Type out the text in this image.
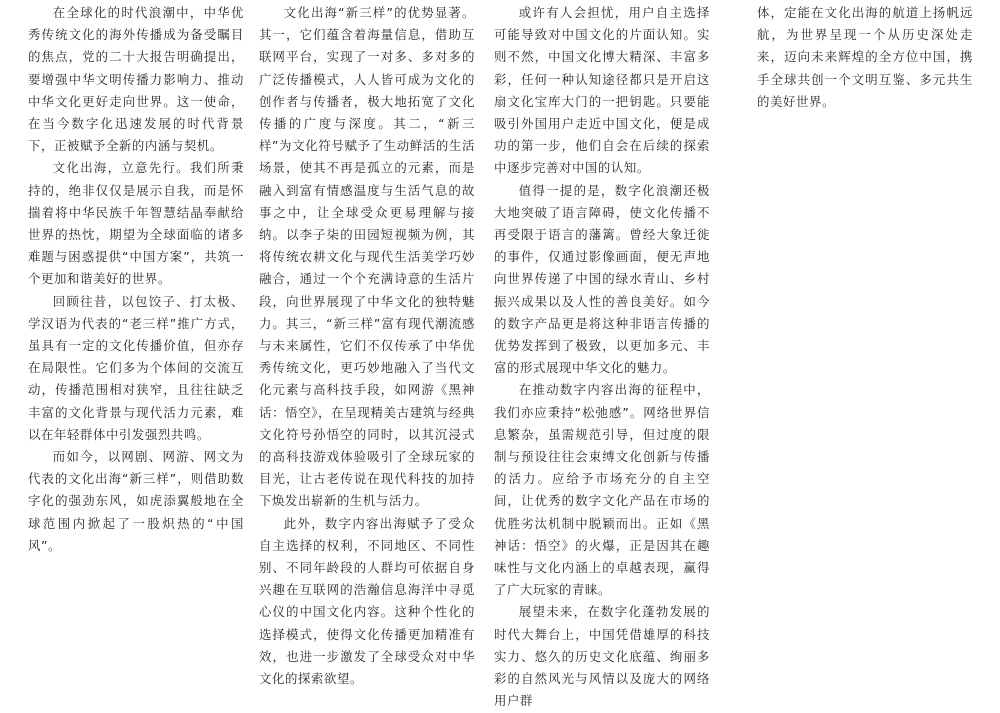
在全球化的时代浪潮中，中华优秀传统文化的海外传播成为备受瞩目的焦点，党的二十大报告明确提出，要增强中华文明传播力影响力、推动中华文化更好走向世界。这一使命，在当今数字化迅速发展的时代背景下，正被赋予全新的内涵与契机。

文化出海，立意先行。我们所秉持的，绝非仅仅是展示自我，而是怀揣着将中华民族千年智慧结晶奉献给世界的热忱，期望为全球面临的诸多难题与困惑提供“中国方案”，共筑一个更加和谐美好的世界。

回顾往昔，以包饺子、打太极、学汉语为代表的“老三样”推广方式，虽具有一定的文化传播价值，但亦存在局限性。它们多为个体间的交流互动，传播范围相对狭窄，且往往缺乏丰富的文化背景与现代活力元素，难以在年轻群体中引发强烈共鸣。

而如今，以网剧、网游、网文为代表的文化出海“新三样”，则借助数字化的强劲东风，如虎添翼般地在全球范围内掀起了一股炽热的“中国风”。

文化出海“新三样”的优势显著。其一，它们蕴含着海量信息，借助互联网平台，实现了一对多、多对多的广泛传播模式，人人皆可成为文化的创作者与传播者，极大地拓宽了文化传播的广度与深度。其二，“新三样”为文化符号赋予了生动鲜活的生活场景，使其不再是孤立的元素，而是融入到富有情感温度与生活气息的故事之中，让全球受众更易理解与接纳。以李子柒的田园短视频为例，其将传统农耕文化与现代生活美学巧妙融合，通过一个个充满诗意的生活片段，向世界展现了中华文化的独特魅力。其三，“新三样”富有现代潮流感与未来属性，它们不仅传承了中华优秀传统文化，更巧妙地融入了当代文化元素与高科技手段，如网游《黑神话：悟空》，在呈现精美古建筑与经典文化符号孙悟空的同时，以其沉浸式的高科技游戏体验吸引了全球玩家的目光，让古老传说在现代科技的加持下焕发出崭新的生机与活力。

此外，数字内容出海赋予了受众自主选择的权利，不同地区、不同性别、不同年龄段的人群均可依据自身兴趣在互联网的浩瀚信息海洋中寻觅心仪的中国文化内容。这种个性化的选择模式，使得文化传播更加精准有效，也进一步激发了全球受众对中华文化的探索欲望。

或许有人会担忧，用户自主选择可能导致对中国文化的片面认知。实则不然，中国文化博大精深、丰富多彩，任何一种认知途径都只是开启这扇文化宝库大门的一把钥匙。只要能吸引外国用户走近中国文化，便是成功的第一步，他们自会在后续的探索中逐步完善对中国的认知。

值得一提的是，数字化浪潮还极大地突破了语言障碍，使文化传播不再受限于语言的藩篱。曾经大象迁徙的事件，仅通过影像画面，便无声地向世界传递了中国的绿水青山、乡村振兴成果以及人性的善良美好。如今的数字产品更是将这种非语言传播的优势发挥到了极致，以更加多元、丰富的形式展现中华文化的魅力。

在推动数字内容出海的征程中，我们亦应秉持“松弛感”。网络世界信息繁杂，虽需规范引导，但过度的限制与预设往往会束缚文化创新与传播的活力。应给予市场充分的自主空间，让优秀的数字文化产品在市场的优胜劣汰机制中脱颖而出。正如《黑神话：悟空》的火爆，正是因其在趣味性与文化内涵上的卓越表现，赢得了广大玩家的青睐。

展望未来，在数字化蓬勃发展的时代大舞台上，中国凭借雄厚的科技实力、悠久的历史文化底蕴、绚丽多彩的自然风光与风情以及庞大的网络用户群

体，定能在文化出海的航道上扬帆远航，为世界呈现一个从历史深处走来，迈向未来辉煌的全方位中国，携手全球共创一个文明互鉴、多元共生的美好世界。
